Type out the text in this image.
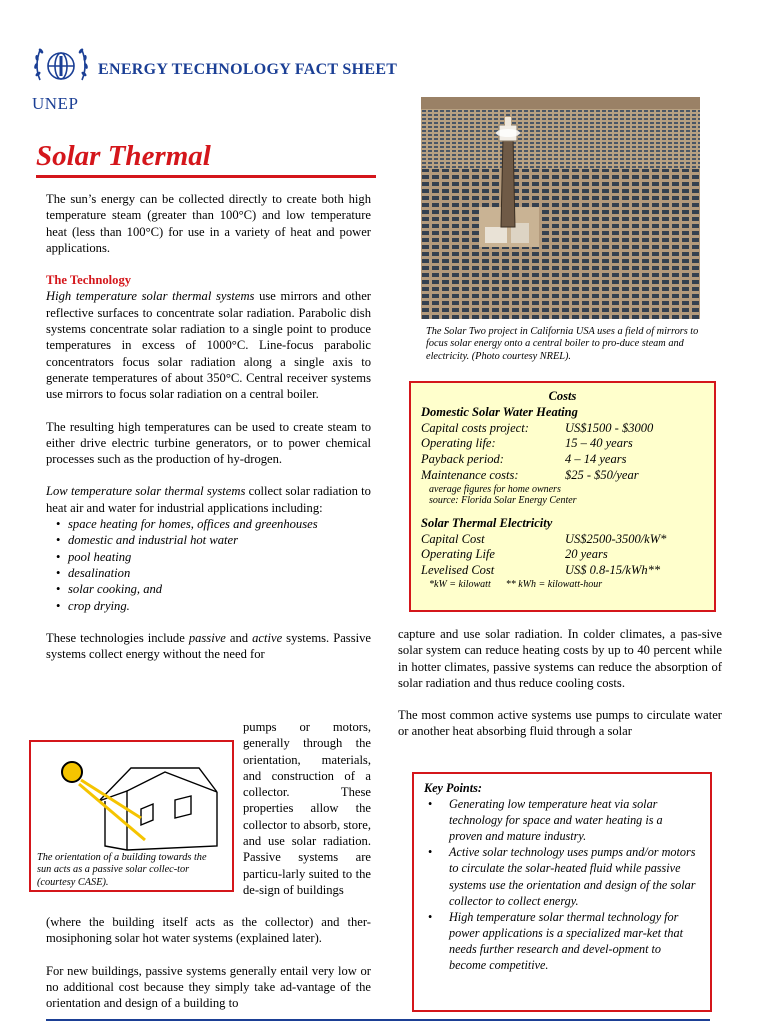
UNEP
ENERGY TECHNOLOGY FACT SHEET
Solar Thermal

The sun’s energy can be collected directly to create both high temperature steam (greater than 100°C) and low temperature heat (less than 100°C) for use in a variety of heat and power applications.

The Technology

High temperature solar thermal systems use mirrors and other reflective surfaces to concentrate solar radiation. Parabolic dish systems concentrate solar radiation to a single point to produce temperatures in excess of 1000°C. Line-focus parabolic concentrators focus solar radiation along a single axis to generate temperatures of about 350°C. Central receiver systems use mirrors to focus solar radiation on a central boiler.

The resulting high temperatures can be used to create steam to either drive electric turbine generators, or to power chemical processes such as the production of hy-drogen.

Low temperature solar thermal systems collect solar radiation to heat air and water for industrial applications including:

• space heating for homes, offices and greenhouses
• domestic and industrial hot water
• pool heating
• desalination
• solar cooking, and
• crop drying.

These technologies include passive and active systems. Passive systems collect energy without the need for

The orientation of a building towards the sun acts as a passive solar collec-tor (courtesy CASE).
pumps or motors, generally through the orientation, materials, and construction of a collector. These properties allow the collector to absorb, store, and use solar radiation. Passive systems are particu-larly suited to the de-sign of buildings

(where the building itself acts as the collector) and ther-mosiphoning solar hot water systems (explained later).

For new buildings, passive systems generally entail very low or no additional cost because they simply take ad-vantage of the orientation and design of a building to

The Solar Two project in California USA uses a field of mirrors to focus solar energy onto a central boiler to pro-duce steam and electricity. (Photo courtesy NREL).
Costs
Domestic Solar Water Heating
Capital costs project:	US$1500 - $3000
Operating life:	15 – 40 years
Payback period:	4 – 14 years
Maintenance costs:	$25 - $50/year
average figures for home owners
source: Florida Solar Energy Center
Solar Thermal Electricity
Capital Cost	US$2500-3500/kW*
Operating Life	20 years
Levelised Cost	US$ 0.8-15/kWh**
*kW = kilowatt      ** kWh = kilowatt-hour

capture and use solar radiation. In colder climates, a pas-sive solar system can reduce heating costs by up to 40 percent while in hotter climates, passive systems can reduce the absorption of solar radiation and thus reduce cooling costs.

The most common active systems use pumps to circulate water or another heat absorbing fluid through a solar

Key Points:
• Generating low temperature heat via solar technology for space and water heating is a proven and mature industry.
• Active solar technology uses pumps and/or motors to circulate the solar-heated fluid while passive systems use the orientation and design of the solar collector to collect energy.
• High temperature solar thermal technology for power applications is a specialized mar-ket that needs further research and devel-opment to become competitive.
